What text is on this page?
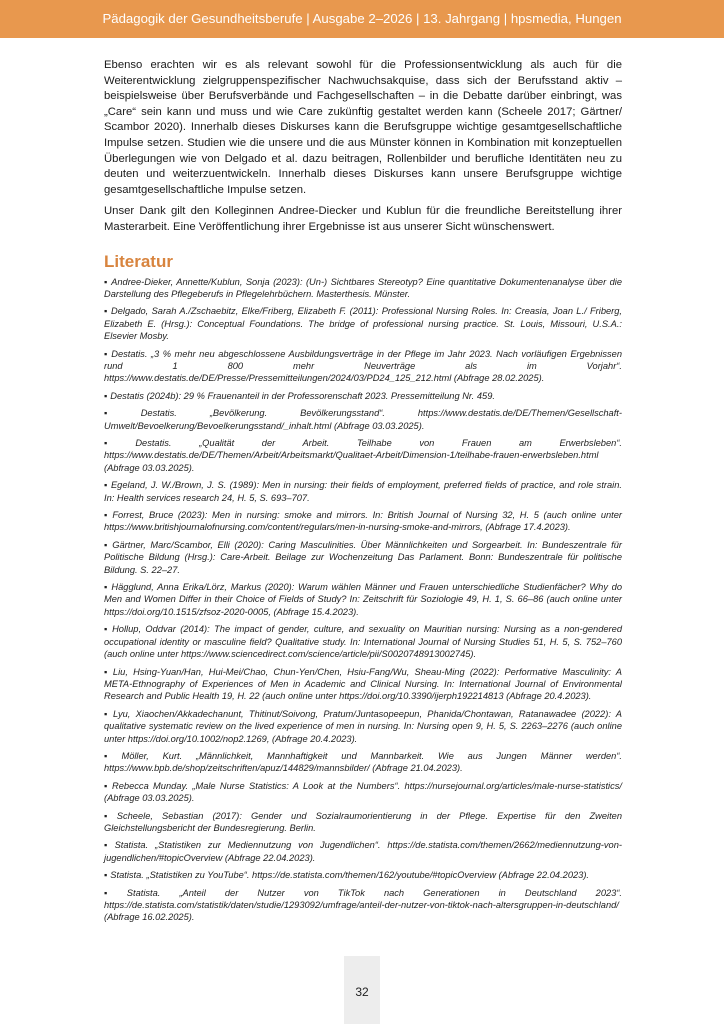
Pädagogik der Gesundheitsberufe | Ausgabe 2–2026 | 13. Jahrgang | hpsmedia, Hungen

Ebenso erachten wir es als relevant sowohl für die Professionsentwicklung als auch für die Weiterentwicklung zielgruppenspezifischer Nachwuchsakquise, dass sich der Berufsstand aktiv – beispielsweise über Berufsverbände und Fachgesellschaften – in die Debatte darüber einbringt, was „Care“ sein kann und muss und wie Care zukünftig gestaltet werden kann (Scheele 2017; Gärtner/ Scambor 2020). Innerhalb dieses Diskurses kann die Berufsgruppe wichtige gesamtgesellschaftliche Impulse setzen. Studien wie die unsere und die aus Münster können in Kombination mit konzeptuellen Überlegungen wie von Delgado et al. dazu beitragen, Rollenbilder und berufliche Identitäten neu zu deuten und weiterzuentwickeln. Innerhalb dieses Diskurses kann unsere Berufsgruppe wichtige gesamtgesellschaftliche Impulse setzen.

Unser Dank gilt den Kolleginnen Andree-Diecker und Kublun für die freundliche Bereitstellung ihrer Masterarbeit. Eine Veröffentlichung ihrer Ergebnisse ist aus unserer Sicht wünschenswert.

Literatur

▪ Andree-Dieker, Annette/Kublun, Sonja (2023): (Un-) Sichtbares Stereotyp? Eine quantitative Dokumentenanalyse über die Darstellung des Pflegeberufs in Pflegelehrbüchern. Masterthesis. Münster.

▪ Delgado, Sarah A./Zschaebitz, Elke/Friberg, Elizabeth F. (2011): Professional Nursing Roles. In: Creasia, Joan L./ Friberg, Elizabeth E. (Hrsg.): Conceptual Foundations. The bridge of professional nursing practice. St. Louis, Missouri, U.S.A.: Elsevier Mosby.

▪ Destatis. „3 % mehr neu abgeschlossene Ausbildungsverträge in der Pflege im Jahr 2023. Nach vorläufigen Ergebnissen rund 1 800 mehr Neuverträge als im Vorjahr“. https://www.destatis.de/DE/Presse/Pressemitteilungen/2024/03/PD24_125_212.html (Abfrage 28.02.2025).

▪ Destatis (2024b): 29 % Frauenanteil in der Professorenschaft 2023. Pressemitteilung Nr. 459.

▪ Destatis. „Bevölkerung. Bevölkerungsstand“. https://www.destatis.de/DE/Themen/Gesellschaft-Umwelt/Bevoelkerung/Bevoelkerungsstand/_inhalt.html (Abfrage 03.03.2025).

▪ Destatis. „Qualität der Arbeit. Teilhabe von Frauen am Erwerbsleben“. https://www.destatis.de/DE/Themen/Arbeit/Arbeitsmarkt/Qualitaet-Arbeit/Dimension-1/teilhabe-frauen-erwerbsleben.html (Abfrage 03.03.2025).

▪ Egeland, J. W./Brown, J. S. (1989): Men in nursing: their fields of employment, preferred fields of practice, and role strain. In: Health services research 24, H. 5, S. 693–707.

▪ Forrest, Bruce (2023): Men in nursing: smoke and mirrors. In: British Journal of Nursing 32, H. 5 (auch online unter https://www.britishjournalofnursing.com/content/regulars/men-in-nursing-smoke-and-mirrors, (Abfrage 17.4.2023).

▪ Gärtner, Marc/Scambor, Elli (2020): Caring Masculinities. Über Männlichkeiten und Sorgearbeit. In: Bundeszentrale für Politische Bildung (Hrsg.): Care-Arbeit. Beilage zur Wochenzeitung Das Parlament. Bonn: Bundeszentrale für politische Bildung. S. 22–27.

▪ Hägglund, Anna Erika/Lörz, Markus (2020): Warum wählen Männer und Frauen unterschiedliche Studienfächer? Why do Men and Women Differ in their Choice of Fields of Study? In: Zeitschrift für Soziologie 49, H. 1, S. 66–86 (auch online unter https://doi.org/10.1515/zfsoz-2020-0005, (Abfrage 15.4.2023).

▪ Hollup, Oddvar (2014): The impact of gender, culture, and sexuality on Mauritian nursing: Nursing as a non-gendered occupational identity or masculine field? Qualitative study. In: International Journal of Nursing Studies 51, H. 5, S. 752–760 (auch online unter https://www.sciencedirect.com/science/article/pii/S0020748913002745).

▪ Liu, Hsing-Yuan/Han, Hui-Mei/Chao, Chun-Yen/Chen, Hsiu-Fang/Wu, Sheau-Ming (2022): Performative Masculinity: A META-Ethnography of Experiences of Men in Academic and Clinical Nursing. In: International Journal of Environmental Research and Public Health 19, H. 22 (auch online unter https://doi.org/10.3390/ijerph192214813 (Abfrage 20.4.2023).

▪ Lyu, Xiaochen/Akkadechanunt, Thitinut/Soivong, Pratum/Juntasopeepun, Phanida/Chontawan, Ratanawadee (2022): A qualitative systematic review on the lived experience of men in nursing. In: Nursing open 9, H. 5, S. 2263–2276 (auch online unter https://doi.org/10.1002/nop2.1269, (Abfrage 20.4.2023).

▪ Möller, Kurt. „Männlichkeit, Mannhaftigkeit und Mannbarkeit. Wie aus Jungen Männer werden“. https://www.bpb.de/shop/zeitschriften/apuz/144829/mannsbilder/ (Abfrage 21.04.2023).

▪ Rebecca Munday. „Male Nurse Statistics: A Look at the Numbers“. https://nursejournal.org/articles/male-nurse-statistics/ (Abfrage 03.03.2025).

▪ Scheele, Sebastian (2017): Gender und Sozialraumorientierung in der Pflege. Expertise für den Zweiten Gleichstellungsbericht der Bundesregierung. Berlin.

▪ Statista. „Statistiken zur Mediennutzung von Jugendlichen“. https://de.statista.com/themen/2662/mediennutzung-von-jugendlichen/#topicOverview (Abfrage 22.04.2023).

▪ Statista. „Statistiken zu YouTube“. https://de.statista.com/themen/162/youtube/#topicOverview (Abfrage 22.04.2023).

▪ Statista. „Anteil der Nutzer von TikTok nach Generationen in Deutschland 2023“. https://de.statista.com/statistik/daten/studie/1293092/umfrage/anteil-der-nutzer-von-tiktok-nach-altersgruppen-in-deutschland/ (Abfrage 16.02.2025).

32
